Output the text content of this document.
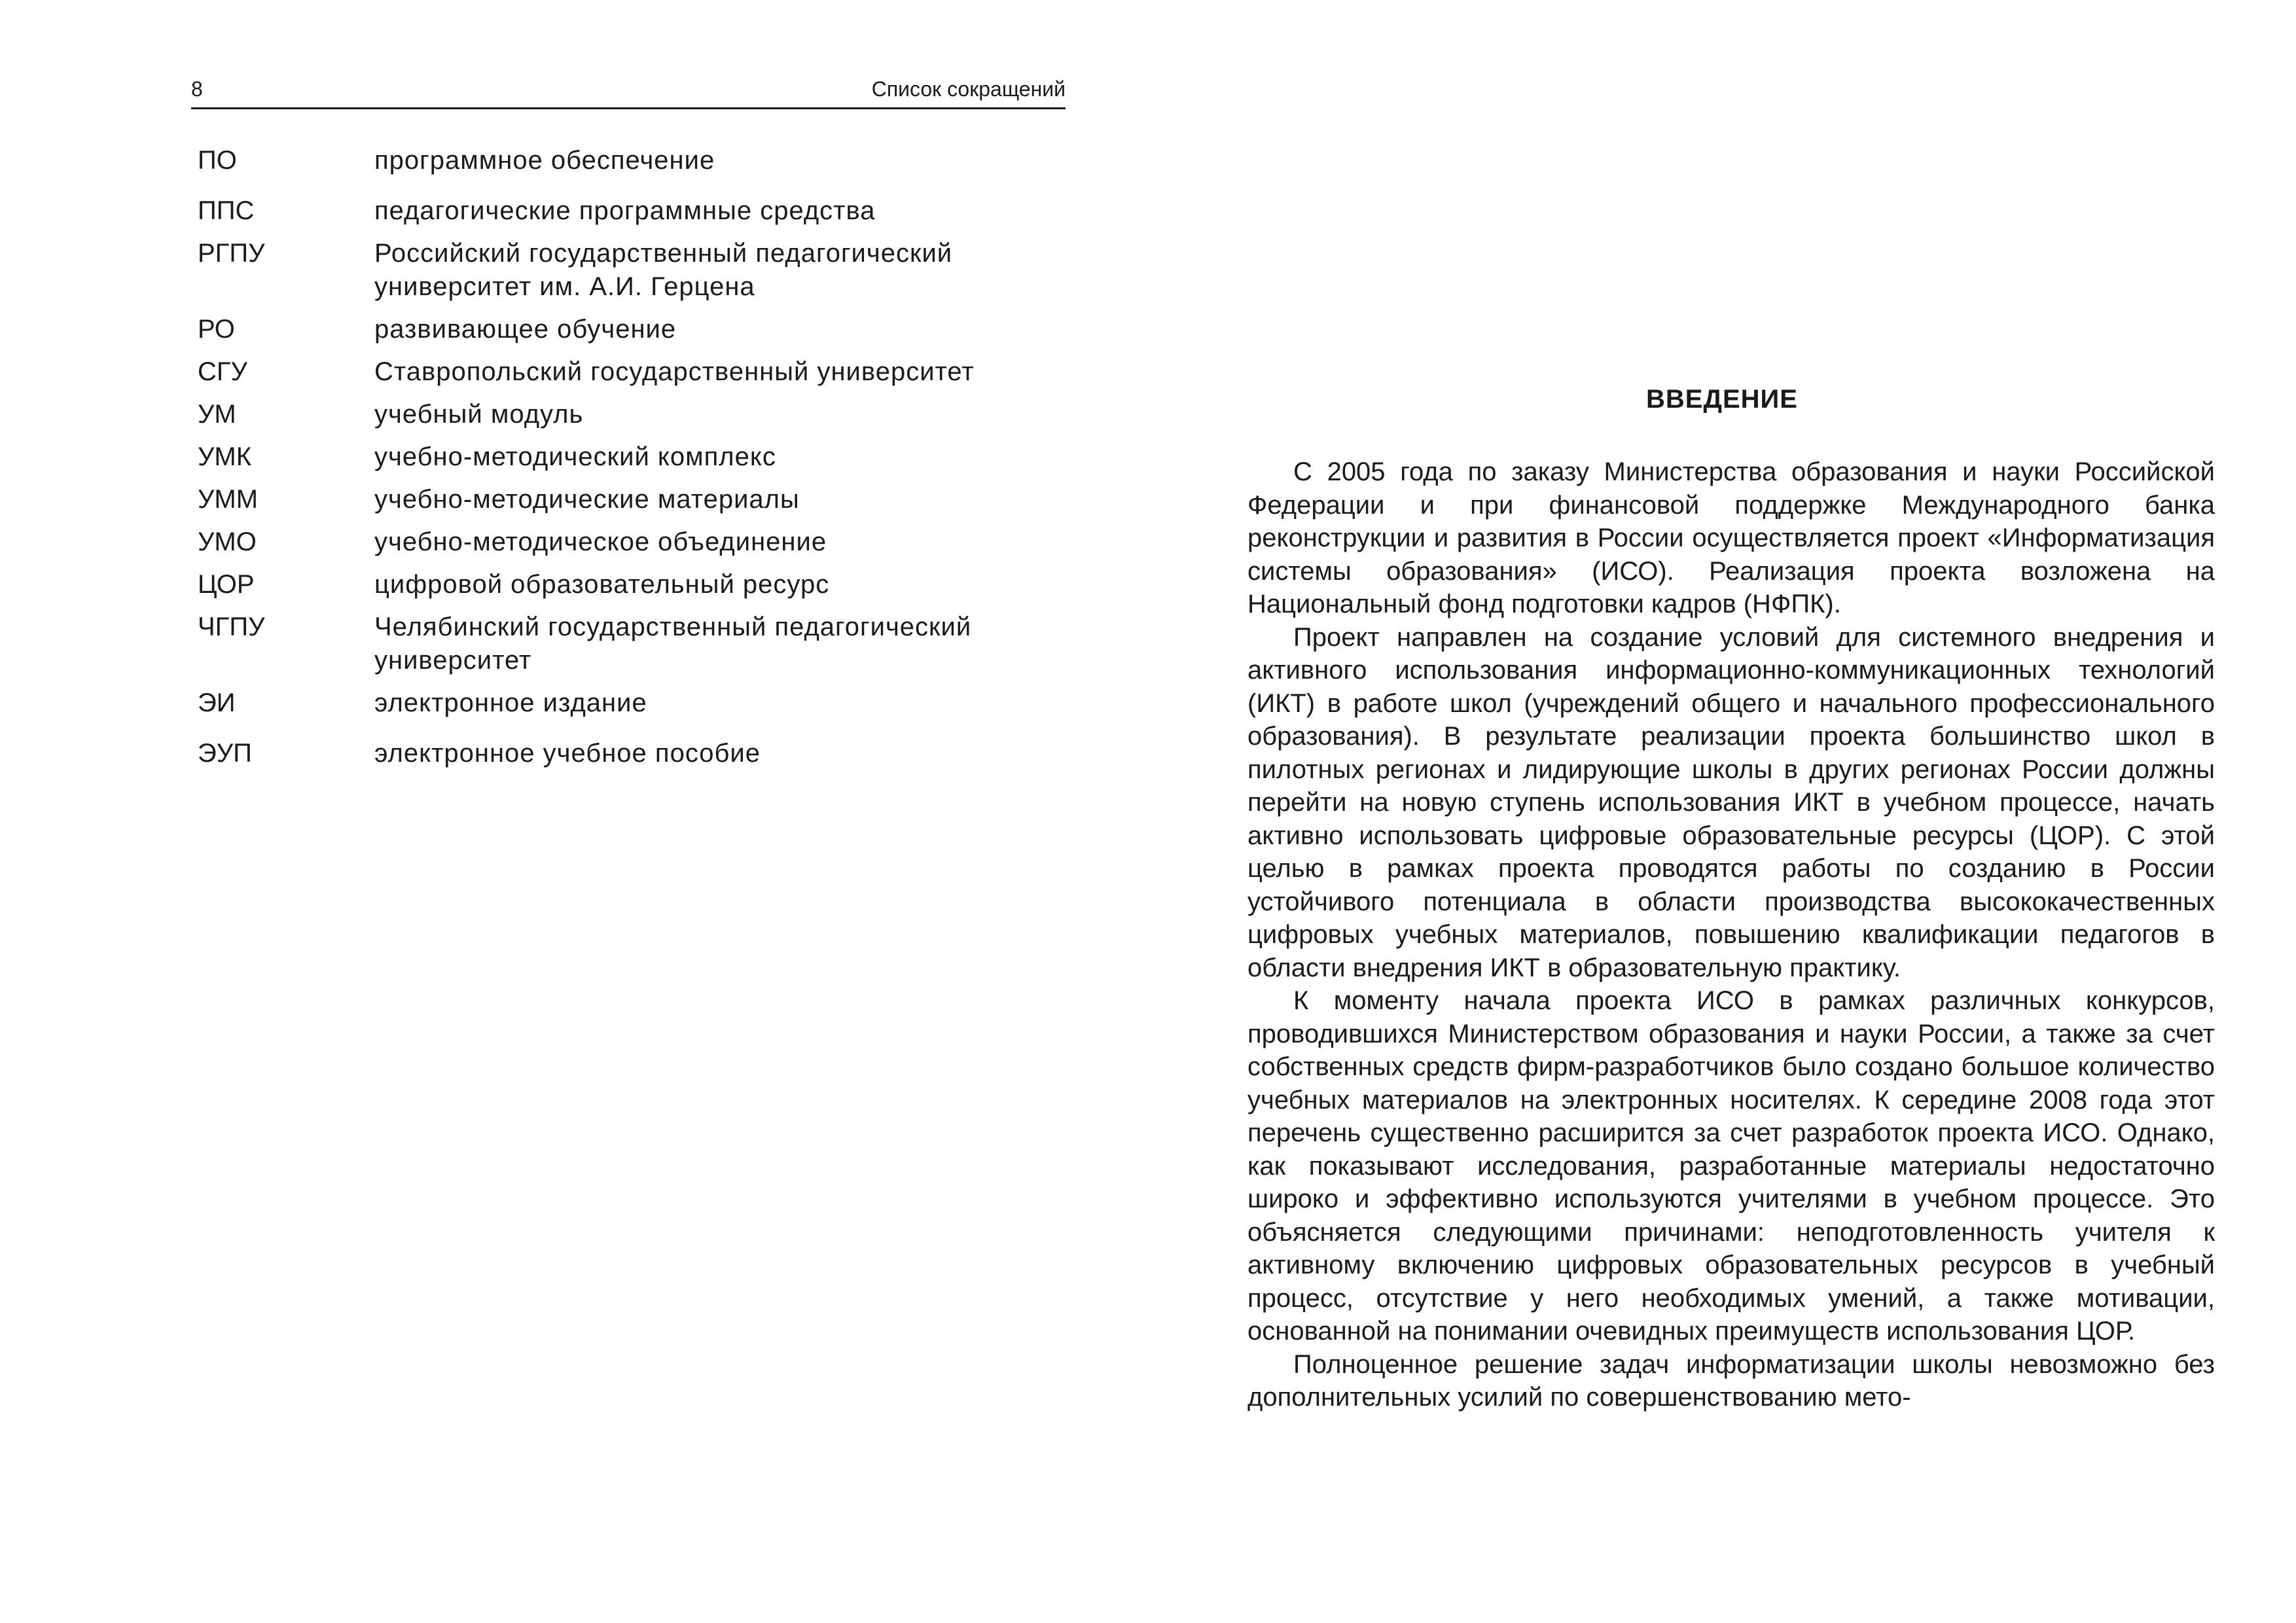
8	Список сокращений
ПО	программное обеспечение
ППС	педагогические программные средства
РГПУ	Российский государственный педагогический университет им. А.И. Герцена
РО	развивающее обучение
СГУ	Ставропольский государственный университет
УМ	учебный модуль
УМК	учебно-методический комплекс
УММ	учебно-методические материалы
УМО	учебно-методическое объединение
ЦОР	цифровой образовательный ресурс
ЧГПУ	Челябинский государственный педагогический университет
ЭИ	электронное издание
ЭУП	электронное учебное пособие
ВВЕДЕНИЕ

С 2005 года по заказу Министерства образования и науки Российской Федерации и при финансовой поддержке Международного банка реконструкции и развития в России осуществляется проект «Информатизация системы образования» (ИСО). Реализация проекта возложена на Национальный фонд подготовки кадров (НФПК).

Проект направлен на создание условий для системного внедрения и активного использования информационно-коммуникационных технологий (ИКТ) в работе школ (учреждений общего и начального профессионального образования). В результате реализации проекта большинство школ в пилотных регионах и лидирующие школы в других регионах России должны перейти на новую ступень использования ИКТ в учебном процессе, начать активно использовать цифровые образовательные ресурсы (ЦОР). С этой целью в рамках проекта проводятся работы по созданию в России устойчивого потенциала в области производства высококачественных цифровых учебных материалов, повышению квалификации педагогов в области внедрения ИКТ в образовательную практику.

К моменту начала проекта ИСО в рамках различных конкурсов, проводившихся Министерством образования и науки России, а также за счет собственных средств фирм-разработчиков было создано большое количество учебных материалов на электронных носителях. К середине 2008 года этот перечень существенно расширится за счет разработок проекта ИСО. Однако, как показывают исследования, разработанные материалы недостаточно широко и эффективно используются учителями в учебном процессе. Это объясняется следующими причинами: неподготовленность учителя к активному включению цифровых образовательных ресурсов в учебный процесс, отсутствие у него необходимых умений, а также мотивации, основанной на понимании очевидных преимуществ использования ЦОР.

Полноценное решение задач информатизации школы невозможно без дополнительных усилий по совершенствованию мето-
